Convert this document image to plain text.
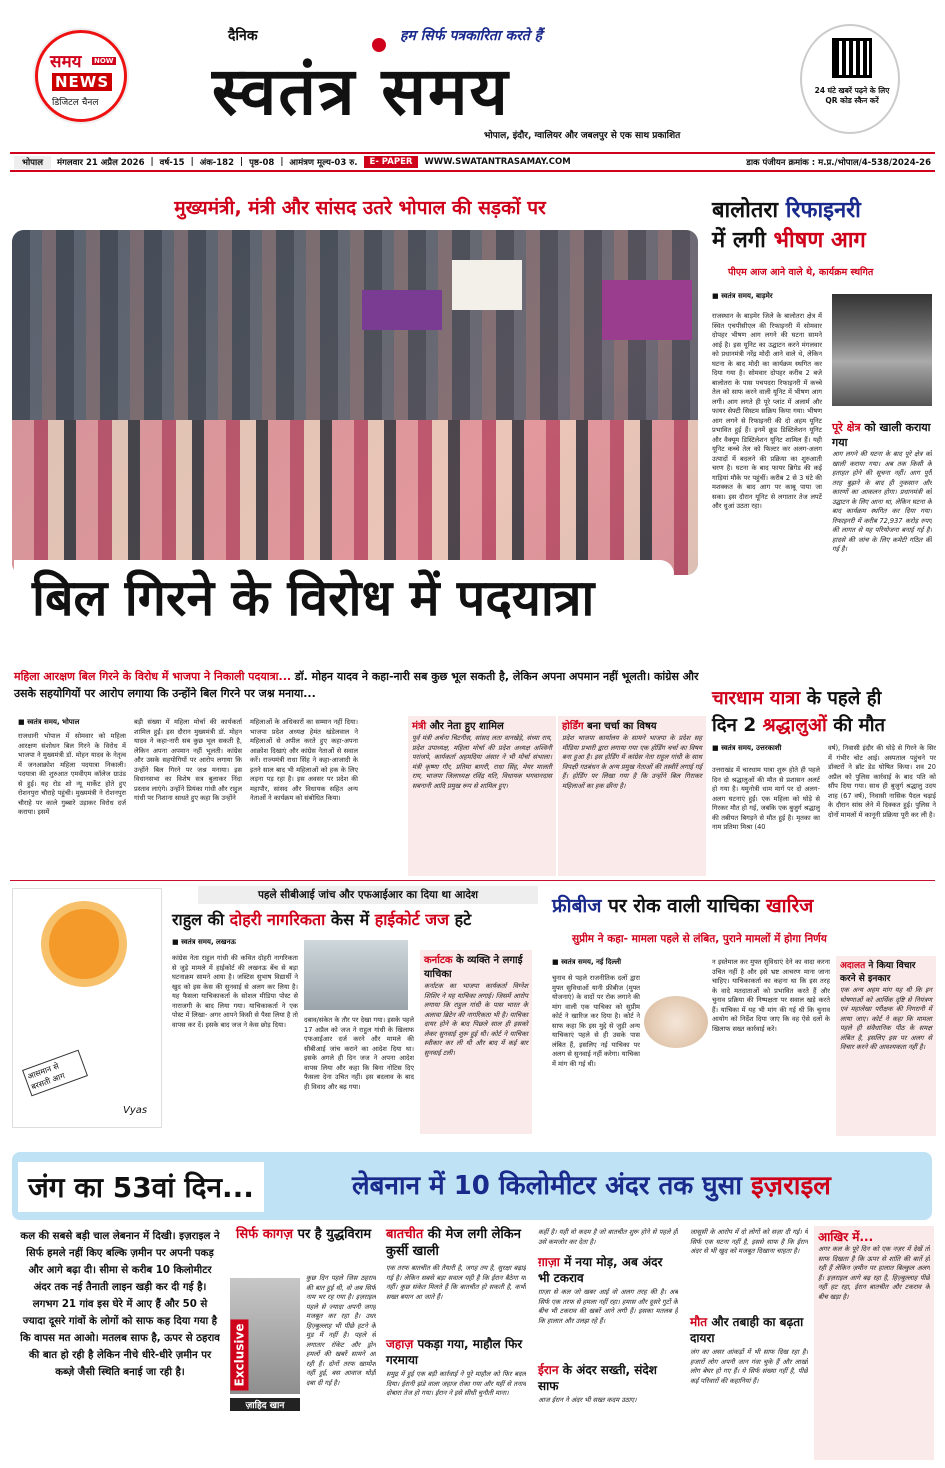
समय NOW
NEWS
डिजिटल चैनल
दैनिक	हम सिर्फ पत्रकारिता करते हैं
स्वतंत्र समय
भोपाल, इंदौर, ग्वालियर और जबलपुर से एक साथ प्रकाशित
24 घंटे खबरें पढ़ने के लिए QR कोड स्कैन करें
भोपाल	मंगलवार 21 अप्रैल 2026 | वर्ष-15 | अंक-182 | पृष्ठ-08 | आमंत्रण मूल्य-03 रु.	E- PAPER	WWW.SWATANTRASAMAY.COM	डाक पंजीयन क्रमांक : म.प्र./भोपाल/4-538/2024-26
मुख्यमंत्री, मंत्री और सांसद उतरे भोपाल की सड़कों पर
बिल गिरने के विरोध में पदयात्रा
महिला आरक्षण बिल गिरने के विरोध में भाजपा ने निकाली पदयात्रा... डॉ. मोहन यादव ने कहा-नारी सब कुछ भूल सकती है, लेकिन अपना अपमान नहीं भूलती। कांग्रेस और उसके सहयोगियों पर आरोप लगाया कि उन्होंने बिल गिरने पर जश्न मनाया...
■ स्वतंत्र समय, भोपाल
राजधानी भोपाल में सोमवार को महिला आरक्षण संशोधन बिल गिरने के विरोध में भाजपा ने मुख्यमंत्री डॉ. मोहन यादव के नेतृत्व में जनआक्रोश महिला पदयात्रा निकाली। पदयात्रा की शुरुआत एमवीएम कॉलेज ग्राउंड से हुई। यह रोड शो न्यू मार्केट होते हुए रोशनपुरा चौराहे पहुंची। मुख्यमंत्री ने रोशनपुरा चौराहे पर काले गुब्बारे उड़ाकर विरोध दर्ज कराया। इसमें
बड़ी संख्या में महिला मोर्चा की कार्यकर्ता शामिल हुईं। इस दौरान मुख्यमंत्री डॉ. मोहन यादव ने कहा-नारी सब कुछ भूल सकती है, लेकिन अपना अपमान नहीं भूलती। कांग्रेस और उसके सहयोगियों पर आरोप लगाया कि उन्होंने बिल गिरने पर जश्न मनाया। इस विधानसभा का विशेष सत्र बुलाकर निंदा प्रस्ताव लाएंगे। उन्होंने प्रियंका गांधी और राहुल गांधी पर निशाना साधते हुए कहा कि उन्होंने
महिलाओं के अधिकारों का सम्मान नहीं दिया। भाजपा प्रदेश अध्यक्ष हेमंत खंडेलवाल ने महिलाओं से अपील करते हुए कहा-अपना आक्रोश दिखाएं और कांग्रेस नेताओं से सवाल करें। राज्यमंत्री राधा सिंह ने कहा-आजादी के इतने साल बाद भी महिलाओं को हक के लिए लड़ना पड़ रहा है। इस अवसर पर प्रदेश की महापौर, सांसद और विधायक सहित अन्य नेताओं ने कार्यक्रम को संबोधित किया।
मंत्री और नेता हुए शामिल
पूर्व मंत्री अर्चना चिटनीस, सांसद लता वानखेड़े, संध्या राय, प्रदेश उपाध्यक्ष, महिला मोर्चा की प्रदेश अध्यक्ष अश्विनी परांजपे, कार्यकर्ता अहमदिया अंसार ने भी मोर्चा संभाला। मंत्री कृष्णा गौर, प्रतिमा बागरी, राधा सिंह, मेयर मालती राय, भाजपा जिलाध्यक्ष रविंद्र यति, विधायक भगवानदास सबनानी आदि प्रमुख रूप से शामिल हुए।
होर्डिंग बना चर्चा का विषय
प्रदेश भाजपा कार्यालय के सामने भाजपा के प्रदेश सह मीडिया प्रभारी द्वारा लगाया गया एक होर्डिंग चर्चा का विषय बना हुआ है। इस होर्डिंग में कांग्रेस नेता राहुल गांधी के साथ विपक्षी गठबंधन के अन्य प्रमुख नेताओं की तस्वीरें लगाई गई हैं। होर्डिंग पर लिखा गया है कि उन्होंने बिल गिराकर महिलाओं का हक छीना है।
बालोतरा रिफाइनरी
में लगी भीषण आग
पीएम आज आने वाले थे, कार्यक्रम स्थगित
■ स्वतंत्र समय, बाड़मेर
राजस्थान के बाड़मेर जिले के बालोतरा क्षेत्र में स्थित एचपीसीएल की रिफाइनरी में सोमवार दोपहर भीषण आग लगने की घटना सामने आई है। इस यूनिट का उद्घाटन करने मंगलवार को प्रधानमंत्री नरेंद्र मोदी आने वाले थे, लेकिन घटना के बाद मोदी का कार्यक्रम स्थगित कर दिया गया है। सोमवार दोपहर करीब 2 बजे बालोतरा के पास पचपदरा रिफाइनरी में कच्चे तेल को साफ करने वाली यूनिट में भीषण आग लगी। आग लगते ही पूरे प्लांट में अलार्म और फायर सेफ्टी सिस्टम सक्रिय किया गया। भीषण आग लगने से रिफाइनरी की दो अहम यूनिट प्रभावित हुई हैं। इनमें क्रूड डिस्टिलेशन यूनिट और वैक्यूम डिस्टिलेशन यूनिट शामिल हैं। यही यूनिट कच्चे तेल को फिल्टर कर अलग-अलग उत्पादों में बदलने की प्रक्रिया का शुरुआती चरण है। घटना के बाद फायर ब्रिगेड की कई गाड़ियां मौके पर पहुंचीं। करीब 2 से 3 घंटे की मशक्कत के बाद आग पर काबू पाया जा सका। इस दौरान यूनिट से लगातार तेज लपटें और धुआं उठता रहा।
पूरे क्षेत्र को खाली कराया गया
आग लगने की घटना के बाद पूरे क्षेत्र को खाली कराया गया। अब तक किसी के हताहत होने की सूचना नहीं। आग पूरी तरह बुझने के बाद ही नुकसान और कारणों का आकलन होगा। प्रधानमंत्री को उद्घाटन के लिए आना था, लेकिन घटना के बाद कार्यक्रम स्थगित कर दिया गया। रिफाइनरी में करीब 72,937 करोड़ रुपए की लागत से यह परियोजना बनाई गई है। हादसे की जांच के लिए कमेटी गठित की गई है।
चारधाम यात्रा के पहले ही
दिन 2 श्रद्धालुओं की मौत
■ स्वतंत्र समय, उत्तरकाशी
उत्तराखंड में चारधाम यात्रा शुरू होते ही पहले दिन दो श्रद्धालुओं की मौत से प्रशासन अलर्ट हो गया है। यमुनोत्री धाम मार्ग पर दो अलग-अलग घटनाएं हुईं। एक महिला को घोड़े से गिरकर मौत हो गई, जबकि एक बुजुर्ग श्रद्धालु की तबीयत बिगड़ने से मौत हुई है। मृतका का नाम प्रतिमा मिश्रा (40
वर्ष), निवासी इंदौर की घोड़े से गिरने के सिर में गंभीर चोट आई। अस्पताल पहुंचने पर डॉक्टरों ने ब्रॉट डेड घोषित किया। शव 20 अप्रैल को पुलिस कार्रवाई के बाद पति को सौंप दिया गया। साथ ही बुजुर्ग श्रद्धालु उदय शाह (67 वर्ष), निवासी नासिक पैदल चढ़ाई के दौरान सांस लेने में दिक्कत हुई। पुलिस ने दोनों मामलों में कानूनी प्रक्रिया पूरी कर ली है।
आसमान से बरसती आग
Vyas
पहले सीबीआई जांच और एफआईआर का दिया था आदेश
राहुल की दोहरी नागरिकता केस में हाईकोर्ट जज हटे
■ स्वतंत्र समय, लखनऊ
कांग्रेस नेता राहुल गांधी की कथित दोहरी नागरिकता से जुड़े मामले में हाईकोर्ट की लखनऊ बेंच से बड़ा घटनाक्रम सामने आया है। जस्टिस सुभाष विद्यार्थी ने खुद को इस केस की सुनवाई से अलग कर लिया है। यह फैसला याचिकाकर्ता के सोशल मीडिया पोस्ट से नाराजगी के बाद लिया गया। याचिकाकर्ता ने एक पोस्ट में लिखा- अगर आपने किसी से पैसा लिया है तो वापस कर दें। इसके बाद जज ने केस छोड़ दिया।
दबाव/संकेत के तौर पर देखा गया। इसके पहले 17 अप्रैल को जज ने राहुल गांधी के खिलाफ एफआईआर दर्ज करने और मामले की सीबीआई जांच कराने का आदेश दिया था। इसके अगले ही दिन जज ने अपना आदेश वापस लिया और कहा कि बिना नोटिस दिए फैसला देना उचित नहीं। इस बदलाव के बाद ही विवाद और बढ़ गया।
कर्नाटक के व्यक्ति ने लगाई याचिका
कर्नाटक का भाजपा कार्यकर्ता विग्नेश शिशिर ने यह याचिका लगाई। जिसमें आरोप लगाया कि राहुल गांधी के पास भारत के अलावा ब्रिटेन की नागरिकता भी है। याचिका दायर होने के बाद पिछले साल ही इसको लेकर सुनवाई शुरू हुई थी। कोर्ट ने याचिका स्वीकार कर ली थी और बाद में कई बार सुनवाई टली।
फ्रीबीज पर रोक वाली याचिका खारिज
सुप्रीम ने कहा- मामला पहले से लंबित, पुराने मामलों में होगा निर्णय
■ स्वतंत्र समय, नई दिल्ली
चुनाव से पहले राजनीतिक दलों द्वारा मुफ्त सुविधाओं यानी फ्रीबीज (मुफ्त योजनाएं) के वादों पर रोक लगाने की मांग वाली एक याचिका को सुप्रीम कोर्ट ने खारिज कर दिया है। कोर्ट ने साफ कहा कि इस मुद्दे से जुड़ी अन्य याचिकाएं पहले से ही उसके पास लंबित हैं, इसलिए नई याचिका पर अलग से सुनवाई नहीं करेगा। याचिका में मांग की गई थी।
न इस्तेमाल कर मुफ्त सुविधाएं देने का वादा करना उचित नहीं है और इसे भ्रष्ट आचरण माना जाना चाहिए। याचिकाकर्ता का कहना था कि इस तरह के वादे मतदाताओं को प्रभावित करते हैं और चुनाव प्रक्रिया की निष्पक्षता पर सवाल खड़े करते हैं। याचिका में यह भी मांग की गई थी कि चुनाव आयोग को निर्देश दिया जाए कि वह ऐसे दलों के खिलाफ सख्त कार्रवाई करे।
अदालत ने किया विचार करने से इनकार
एक अन्य अहम मांग यह थी कि इन घोषणाओं को आर्थिक दृष्टि से नियंत्रण एवं महालेखा परीक्षक की निगरानी में लाया जाए। कोर्ट ने कहा कि मामला पहले ही संवैधानिक पीठ के समक्ष लंबित है, इसलिए इस पर अलग से विचार करने की आवश्यकता नहीं है।
जंग का 53वां दिन...	लेबनान में 10 किलोमीटर अंदर तक घुसा इज़राइल
कल की सबसे बड़ी चाल लेबनान में दिखी। इज़राइल ने सिर्फ हमले नहीं किए बल्कि ज़मीन पर अपनी पकड़ और आगे बढ़ा दी। सीमा से करीब 10 किलोमीटर अंदर तक नई तैनाती लाइन खड़ी कर दी गई है। लगभग 21 गांव इस घेरे में आए हैं और 50 से ज्यादा दूसरे गांवों के लोगों को साफ कह दिया गया है कि वापस मत आओ। मतलब साफ है, ऊपर से ठहराव की बात हो रही है लेकिन नीचे धीरे-धीरे ज़मीन पर कब्ज़े जैसी स्थिति बनाई जा रही है।
सिर्फ कागज़ पर है युद्धविराम
Exclusive
ज़ाहिद खान
कुछ दिन पहले जिस ठहराव की बात हुई थी, वो अब सिर्फ नाम भर रह गया है। इज़राइल पहले से ज्यादा अपनी जगह मजबूत कर रहा है। उधर हिज़्बुल्लाह भी पीछे हटने के मूड में नहीं है। पहले से लगातार रॉकेट और ड्रोन हमलों की खबरें सामने आ रही हैं। दोनों तरफ खामोश नहीं हुई, बस आवाज थोड़ी दबा दी गई है।
बातचीत की मेज लगी लेकिन कुर्सी खाली
एक तरफ बातचीत की तैयारी है, जगह तय है, सुरक्षा बढ़ाई गई है। लेकिन सबसे बड़ा सवाल यही है कि ईरान बैठेगा या नहीं। कुछ संकेत मिलते हैं कि बातचीत हो सकती है, कभी सख्त बयान आ जाते हैं।
जहाज़ पकड़ा गया, माहौल फिर गरमाया
समुद्र में हुई एक बड़ी कार्रवाई ने पूरे माहौल को फिर बदल दिया। ईरानी झंडे वाला जहाज रोका गया और यहीं से तनाव दोबारा तेज हो गया। ईरान ने इसे सीधी चुनौती माना।
कहीं है। यही वो कदम है जो बातचीत शुरू होने से पहले ही उसे कमजोर कर देता है।
ग़ाज़ा में नया मोड़, अब अंदर भी टकराव
ग़ाज़ा से कल जो खबर आई वो अलग तरह की है। अब सिर्फ एक तरफ से हमला नहीं रहा। हमास और दूसरे गुटों के बीच भी टकराव की खबरें आने लगी हैं। इसका मतलब है कि हालात और उलझ रहे हैं।
ईरान के अंदर सख्ती, संदेश साफ
आज ईरान ने अंदर भी सख्त कदम उठाए।
जासूसी के आरोप में दो लोगों को सज़ा दी गई। ये सिर्फ एक घटना नहीं है, इससे साफ है कि ईरान अंदर से भी खुद को मजबूत दिखाना चाहता है।
मौत और तबाही का बढ़ता दायरा
जंग का असर आंकड़ों में भी साफ दिख रहा है। हजारों लोग अपनी जान गंवा चुके हैं और लाखों लोग बेघर हो गए हैं। ये सिर्फ संख्या नहीं है, पीछे कई परिवारों की कहानियां हैं।
आखिर में...
अगर कल के पूरे दिन को एक नज़र में देखें तो साफ दिखता है कि ऊपर से शांति की बातें हो रही हैं लेकिन ज़मीन पर हालात बिल्कुल अलग हैं। इज़राइल आगे बढ़ रहा है, हिज़्बुल्लाह पीछे नहीं हट रहा, ईरान बातचीत और टकराव के बीच खड़ा है।
